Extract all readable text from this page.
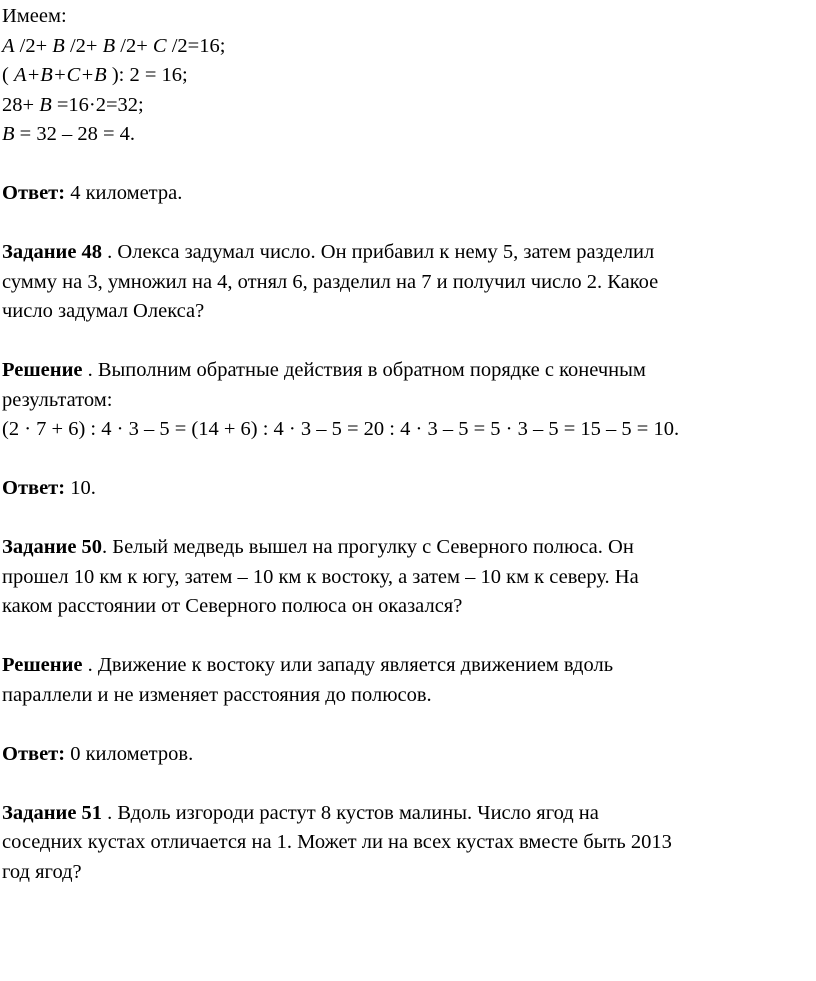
Имеем:
A /2+ B /2+ B /2+ C /2=16;
( A+B+C+B ): 2 = 16;
28+ B =16·2=32;
B = 32 – 28 = 4.
Ответ: 4 километра.
Задание 48 . Олекса задумал число. Он прибавил к нему 5, затем разделил
сумму на 3, умножил на 4, отнял 6, разделил на 7 и получил число 2. Какое
число задумал Олекса?
Решение . Выполним обратные действия в обратном порядке с конечным
результатом:
(2 · 7 + 6) : 4 · 3 – 5 = (14 + 6) : 4 · 3 – 5 = 20 : 4 · 3 – 5 = 5 · 3 – 5 = 15 – 5 = 10.
Ответ: 10.
Задание 50. Белый медведь вышел на прогулку с Северного полюса. Он
прошел 10 км к югу, затем – 10 км к востоку, а затем – 10 км к северу. На
каком расстоянии от Северного полюса он оказался?
Решение . Движение к востоку или западу является движением вдоль
параллели и не изменяет расстояния до полюсов.
Ответ: 0 километров.
Задание 51 . Вдоль изгороди растут 8 кустов малины. Число ягод на
соседних кустах отличается на 1. Может ли на всех кустах вместе быть 2013
год ягод?
